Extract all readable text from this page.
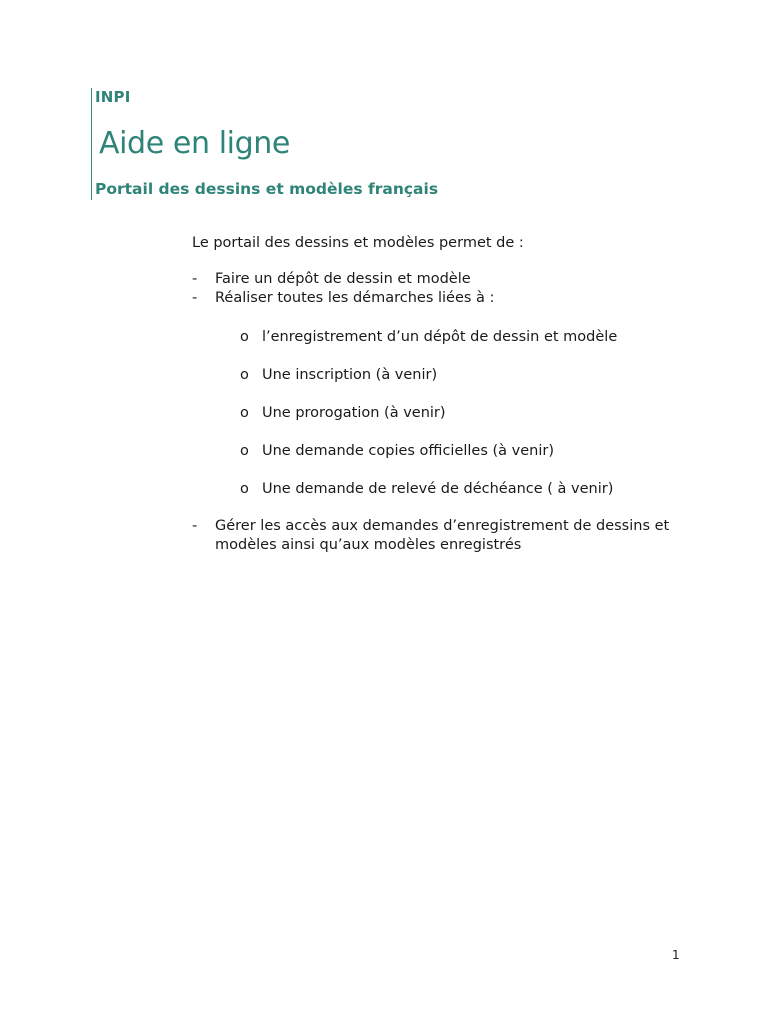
INPI
Aide en ligne
Portail des dessins et modèles français
Le portail des dessins et modèles permet de :
- Faire un dépôt de dessin et modèle
- Réaliser toutes les démarches liées à :
o l’enregistrement d’un dépôt de dessin et modèle
o Une inscription (à venir)
o Une prorogation (à venir)
o Une demande copies officielles (à venir)
o Une demande de relevé de déchéance ( à venir)
- Gérer les accès aux demandes d’enregistrement de dessins et modèles ainsi qu’aux modèles enregistrés
1
